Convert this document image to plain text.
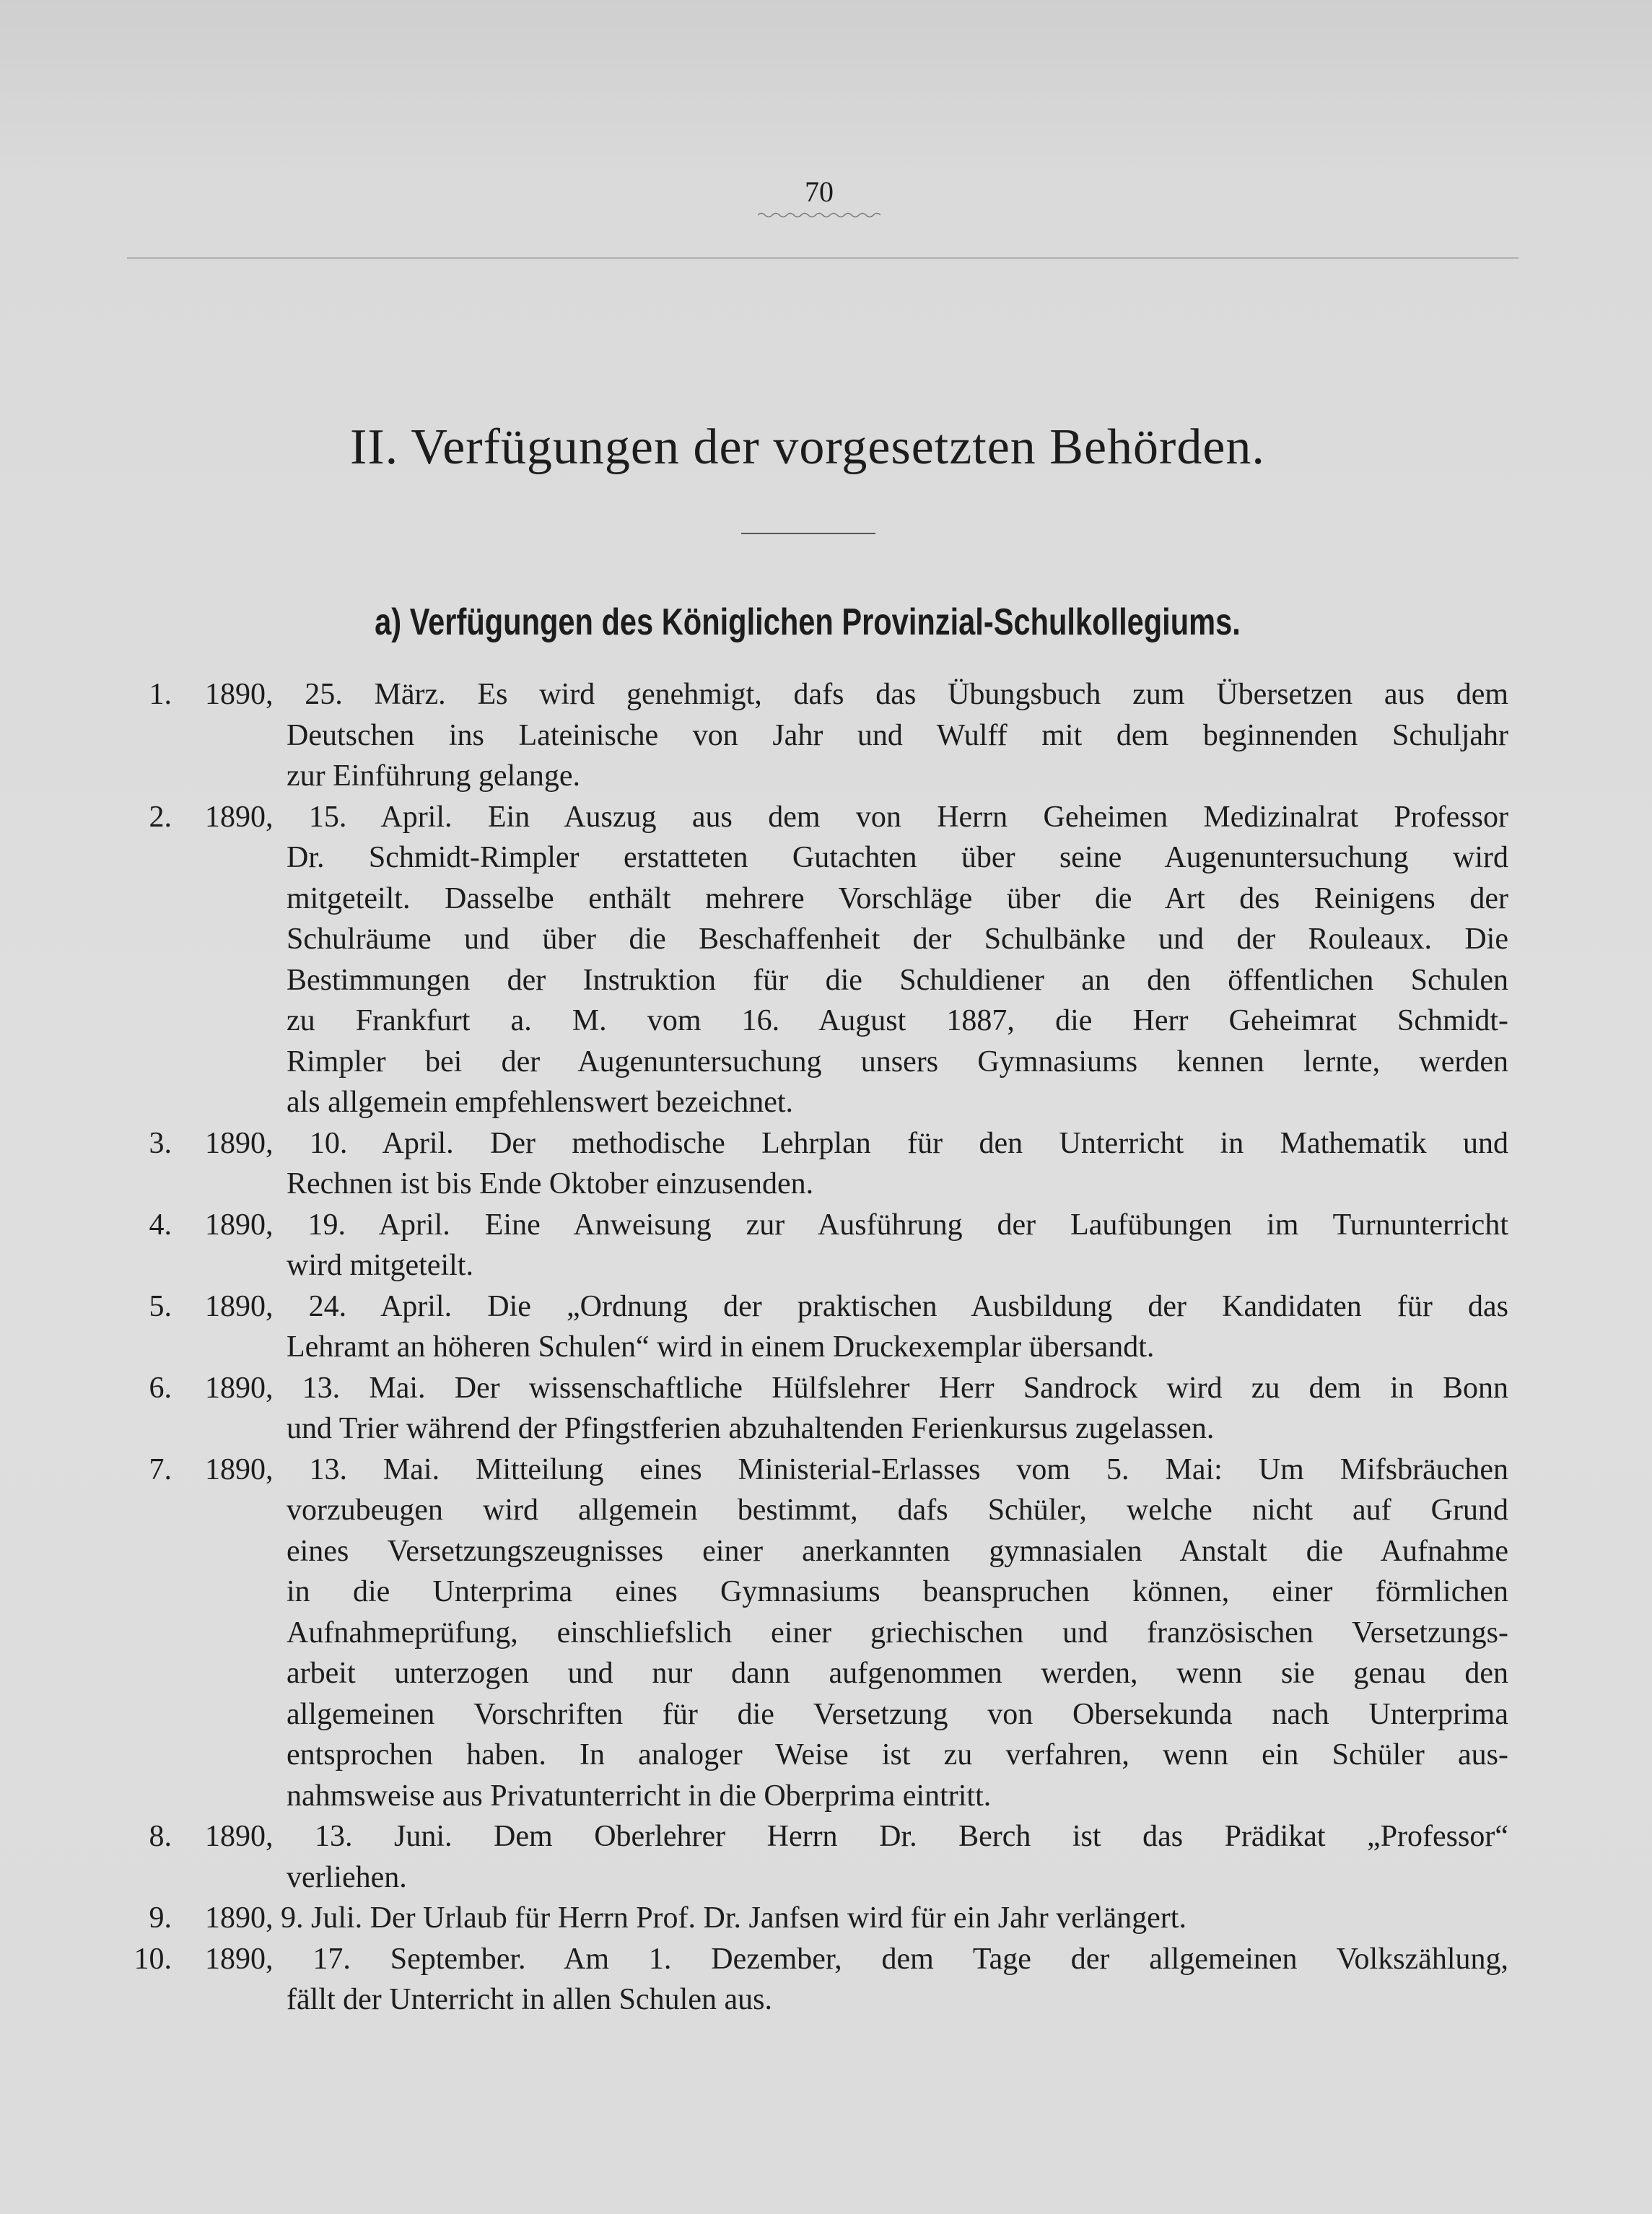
70
II. Verfügungen der vorgesetzten Behörden.
a) Verfügungen des Königlichen Provinzial-Schulkollegiums.
1. 1890, 25. März. Es wird genehmigt, dafs das Übungsbuch zum Übersetzen aus dem
Deutschen ins Lateinische von Jahr und Wulff mit dem beginnenden Schuljahr
zur Einführung gelange.
2. 1890, 15. April. Ein Auszug aus dem von Herrn Geheimen Medizinalrat Professor
Dr. Schmidt-Rimpler erstatteten Gutachten über seine Augenuntersuchung wird
mitgeteilt. Dasselbe enthält mehrere Vorschläge über die Art des Reinigens der
Schulräume und über die Beschaffenheit der Schulbänke und der Rouleaux. Die
Bestimmungen der Instruktion für die Schuldiener an den öffentlichen Schulen
zu Frankfurt a. M. vom 16. August 1887, die Herr Geheimrat Schmidt-
Rimpler bei der Augenuntersuchung unsers Gymnasiums kennen lernte, werden
als allgemein empfehlenswert bezeichnet.
3. 1890, 10. April. Der methodische Lehrplan für den Unterricht in Mathematik und
Rechnen ist bis Ende Oktober einzusenden.
4. 1890, 19. April. Eine Anweisung zur Ausführung der Laufübungen im Turnunterricht
wird mitgeteilt.
5. 1890, 24. April. Die „Ordnung der praktischen Ausbildung der Kandidaten für das
Lehramt an höheren Schulen“ wird in einem Druckexemplar übersandt.
6. 1890, 13. Mai. Der wissenschaftliche Hülfslehrer Herr Sandrock wird zu dem in Bonn
und Trier während der Pfingstferien abzuhaltenden Ferienkursus zugelassen.
7. 1890, 13. Mai. Mitteilung eines Ministerial-Erlasses vom 5. Mai: Um Mifsbräuchen
vorzubeugen wird allgemein bestimmt, dafs Schüler, welche nicht auf Grund
eines Versetzungszeugnisses einer anerkannten gymnasialen Anstalt die Aufnahme
in die Unterprima eines Gymnasiums beanspruchen können, einer förmlichen
Aufnahmeprüfung, einschliefslich einer griechischen und französischen Versetzungs-
arbeit unterzogen und nur dann aufgenommen werden, wenn sie genau den
allgemeinen Vorschriften für die Versetzung von Obersekunda nach Unterprima
entsprochen haben. In analoger Weise ist zu verfahren, wenn ein Schüler aus-
nahmsweise aus Privatunterricht in die Oberprima eintritt.
8. 1890, 13. Juni. Dem Oberlehrer Herrn Dr. Berch ist das Prädikat „Professor“
verliehen.
9. 1890, 9. Juli. Der Urlaub für Herrn Prof. Dr. Janfsen wird für ein Jahr verlängert.
10. 1890, 17. September. Am 1. Dezember, dem Tage der allgemeinen Volkszählung,
fällt der Unterricht in allen Schulen aus.
